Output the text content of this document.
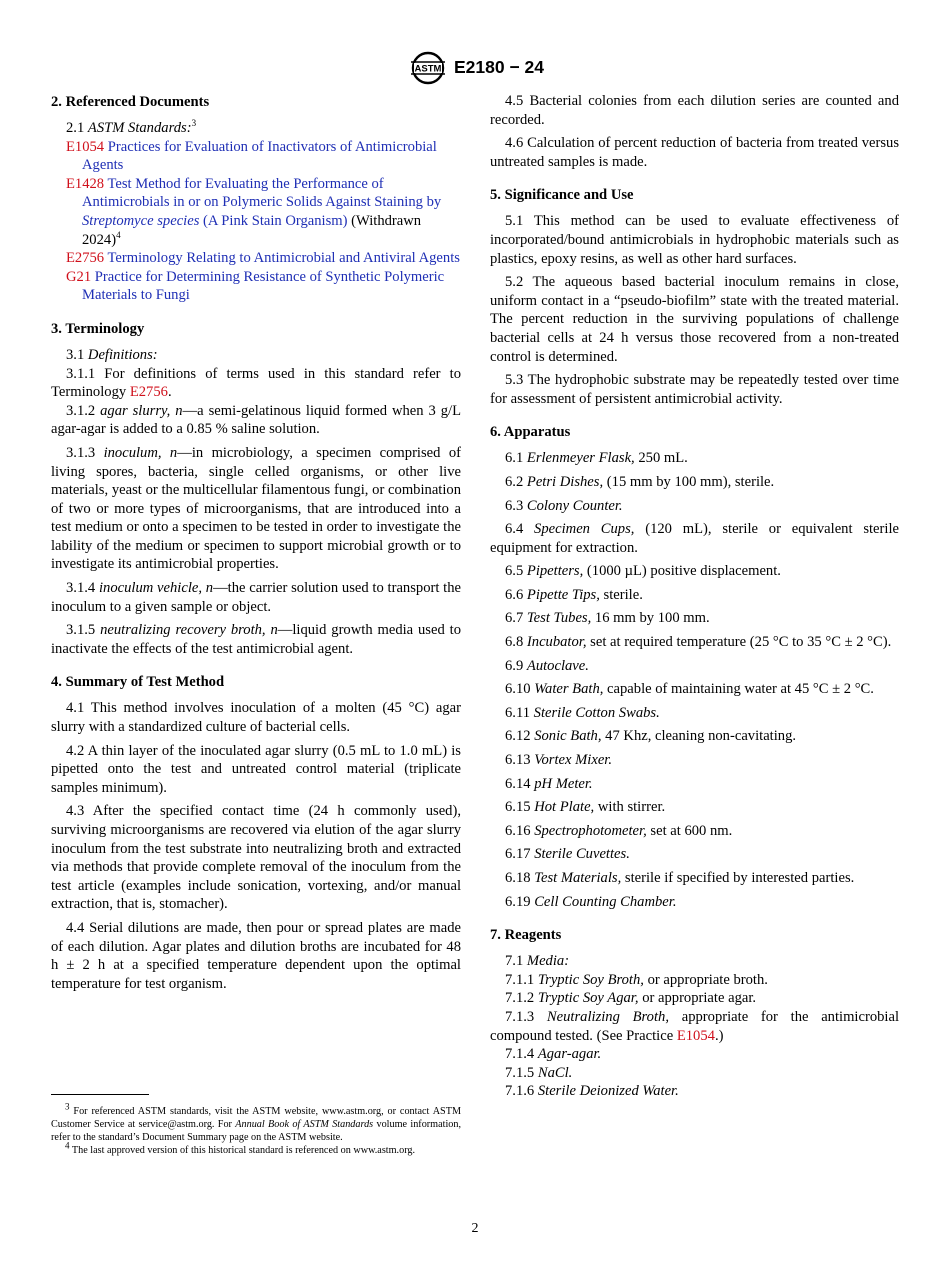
ASTM E2180 − 24
2. Referenced Documents

2.1 ASTM Standards:$^3$

E1054 Practices for Evaluation of Inactivators of Antimicrobial Agents

E1428 Test Method for Evaluating the Performance of Antimicrobials in or on Polymeric Solids Against Staining by Streptomyce species (A Pink Stain Organism) (Withdrawn 2024)$^4$

E2756 Terminology Relating to Antimicrobial and Antiviral Agents

G21 Practice for Determining Resistance of Synthetic Polymeric Materials to Fungi

3. Terminology

3.1 Definitions:

3.1.1 For definitions of terms used in this standard refer to Terminology E2756.

3.1.2 agar slurry, n—a semi-gelatinous liquid formed when 3 g/L agar-agar is added to a 0.85 % saline solution.

3.1.3 inoculum, n—in microbiology, a specimen comprised of living spores, bacteria, single celled organisms, or other live materials, yeast or the multicellular filamentous fungi, or combination of two or more types of microorganisms, that are introduced into a test medium or onto a specimen to be tested in order to investigate the lability of the medium or specimen to support microbial growth or to investigate its antimicrobial properties.

3.1.4 inoculum vehicle, n—the carrier solution used to transport the inoculum to a given sample or object.

3.1.5 neutralizing recovery broth, n—liquid growth media used to inactivate the effects of the test antimicrobial agent.

4. Summary of Test Method

4.1 This method involves inoculation of a molten (45 °C) agar slurry with a standardized culture of bacterial cells.

4.2 A thin layer of the inoculated agar slurry (0.5 mL to 1.0 mL) is pipetted onto the test and untreated control material (triplicate samples minimum).

4.3 After the specified contact time (24 h commonly used), surviving microorganisms are recovered via elution of the agar slurry inoculum from the test substrate into neutralizing broth and extracted via methods that provide complete removal of the inoculum from the test article (examples include sonication, vortexing, and/or manual extraction, that is, stomacher).

4.4 Serial dilutions are made, then pour or spread plates are made of each dilution. Agar plates and dilution broths are incubated for 48 h ± 2 h at a specified temperature dependent upon the optimal temperature for test organism.

$^3$ For referenced ASTM standards, visit the ASTM website, www.astm.org, or contact ASTM Customer Service at service@astm.org. For Annual Book of ASTM Standards volume information, refer to the standard’s Document Summary page on the ASTM website.

$^4$ The last approved version of this historical standard is referenced on www.astm.org.

4.5 Bacterial colonies from each dilution series are counted and recorded.

4.6 Calculation of percent reduction of bacteria from treated versus untreated samples is made.

5. Significance and Use

5.1 This method can be used to evaluate effectiveness of incorporated/bound antimicrobials in hydrophobic materials such as plastics, epoxy resins, as well as other hard surfaces.

5.2 The aqueous based bacterial inoculum remains in close, uniform contact in a “pseudo-biofilm” state with the treated material. The percent reduction in the surviving populations of challenge bacterial cells at 24 h versus those recovered from a non-treated control is determined.

5.3 The hydrophobic substrate may be repeatedly tested over time for assessment of persistent antimicrobial activity.

6. Apparatus

6.1 Erlenmeyer Flask, 250 mL.

6.2 Petri Dishes, (15 mm by 100 mm), sterile.

6.3 Colony Counter.

6.4 Specimen Cups, (120 mL), sterile or equivalent sterile equipment for extraction.

6.5 Pipetters, (1000 µL) positive displacement.

6.6 Pipette Tips, sterile.

6.7 Test Tubes, 16 mm by 100 mm.

6.8 Incubator, set at required temperature (25 °C to 35 °C ± 2 °C).

6.9 Autoclave.

6.10 Water Bath, capable of maintaining water at 45 °C ± 2 °C.

6.11 Sterile Cotton Swabs.

6.12 Sonic Bath, 47 Khz, cleaning non-cavitating.

6.13 Vortex Mixer.

6.14 pH Meter.

6.15 Hot Plate, with stirrer.

6.16 Spectrophotometer, set at 600 nm.

6.17 Sterile Cuvettes.

6.18 Test Materials, sterile if specified by interested parties.

6.19 Cell Counting Chamber.

7. Reagents

7.1 Media:

7.1.1 Tryptic Soy Broth, or appropriate broth.

7.1.2 Tryptic Soy Agar, or appropriate agar.

7.1.3 Neutralizing Broth, appropriate for the antimicrobial compound tested. (See Practice E1054.)

7.1.4 Agar-agar.

7.1.5 NaCl.

7.1.6 Sterile Deionized Water.

2
